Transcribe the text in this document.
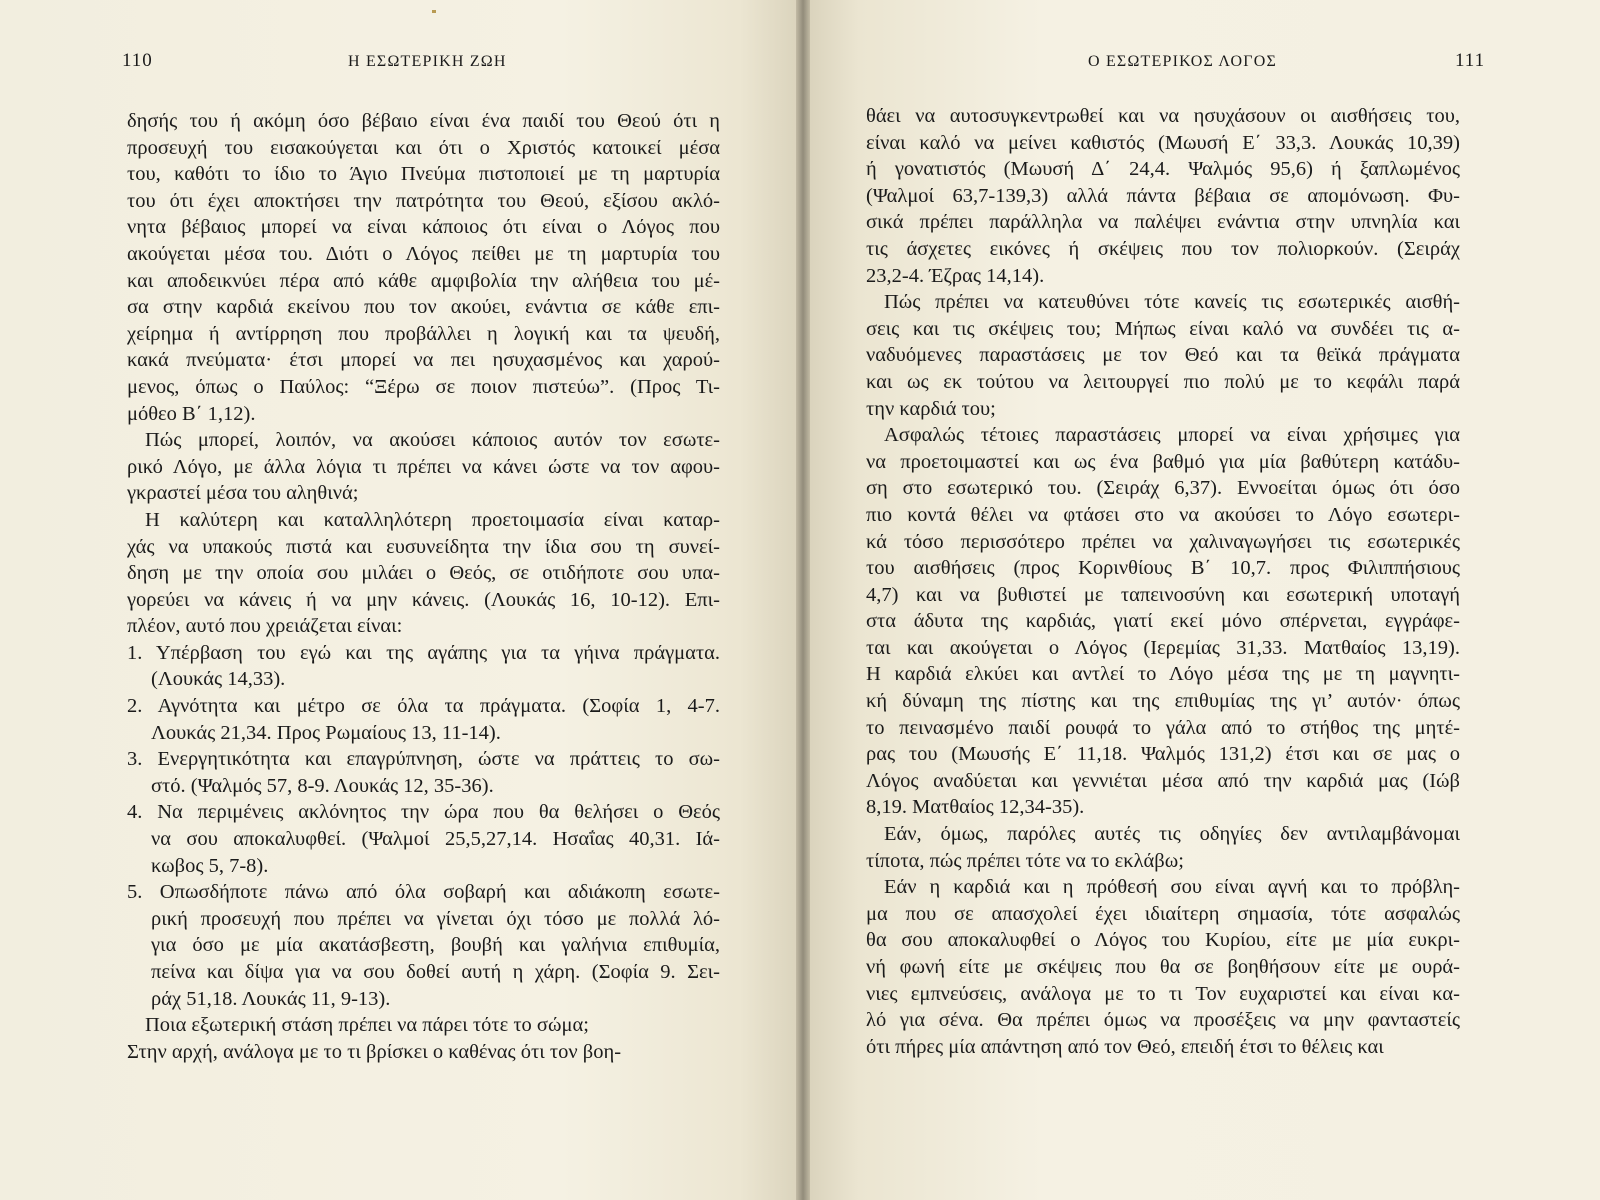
110	Η ΕΣΩΤΕΡΙΚΗ ΖΩΗ
δησής του ή ακόμη όσο βέβαιο είναι ένα παιδί του Θεού ότι η
προσευχή του εισακούγεται και ότι ο Χριστός κατοικεί μέσα
του, καθότι το ίδιο το Άγιο Πνεύμα πιστοποιεί με τη μαρτυρία
του ότι έχει αποκτήσει την πατρότητα του Θεού, εξίσου ακλό-
νητα βέβαιος μπορεί να είναι κάποιος ότι είναι ο Λόγος που
ακούγεται μέσα του. Διότι ο Λόγος πείθει με τη μαρτυρία του
και αποδεικνύει πέρα από κάθε αμφιβολία την αλήθεια του μέ-
σα στην καρδιά εκείνου που τον ακούει, ενάντια σε κάθε επι-
χείρημα ή αντίρρηση που προβάλλει η λογική και τα ψευδή,
κακά πνεύματα· έτσι μπορεί να πει ησυχασμένος και χαρού-
μενος, όπως ο Παύλος: “Ξέρω σε ποιον πιστεύω”. (Προς Τι-
μόθεο Β΄ 1,12).
Πώς μπορεί, λοιπόν, να ακούσει κάποιος αυτόν τον εσωτε-
ρικό Λόγο, με άλλα λόγια τι πρέπει να κάνει ώστε να τον αφου-
γκραστεί μέσα του αληθινά;
Η καλύτερη και καταλληλότερη προετοιμασία είναι καταρ-
χάς να υπακούς πιστά και ευσυνείδητα την ίδια σου τη συνεί-
δηση με την οποία σου μιλάει ο Θεός, σε οτιδήποτε σου υπα-
γορεύει να κάνεις ή να μην κάνεις. (Λουκάς 16, 10-12). Επι-
πλέον, αυτό που χρειάζεται είναι:
1. Υπέρβαση του εγώ και της αγάπης για τα γήινα πράγματα.
(Λουκάς 14,33).
2. Αγνότητα και μέτρο σε όλα τα πράγματα. (Σοφία 1, 4-7.
Λουκάς 21,34. Προς Ρωμαίους 13, 11-14).
3. Ενεργητικότητα και επαγρύπνηση, ώστε να πράττεις το σω-
στό. (Ψαλμός 57, 8-9. Λουκάς 12, 35-36).
4. Να περιμένεις ακλόνητος την ώρα που θα θελήσει ο Θεός
να σου αποκαλυφθεί. (Ψαλμοί 25,5,27,14. Ησαΐας 40,31. Ιά-
κωβος 5, 7-8).
5. Οπωσδήποτε πάνω από όλα σοβαρή και αδιάκοπη εσωτε-
ρική προσευχή που πρέπει να γίνεται όχι τόσο με πολλά λό-
για όσο με μία ακατάσβεστη, βουβή και γαλήνια επιθυμία,
πείνα και δίψα για να σου δοθεί αυτή η χάρη. (Σοφία 9. Σει-
ράχ 51,18. Λουκάς 11, 9-13).
Ποια εξωτερική στάση πρέπει να πάρει τότε το σώμα;
Στην αρχή, ανάλογα με το τι βρίσκει ο καθένας ότι τον βοη-
Ο ΕΣΩΤΕΡΙΚΟΣ ΛΟΓΟΣ	111
θάει να αυτοσυγκεντρωθεί και να ησυχάσουν οι αισθήσεις του,
είναι καλό να μείνει καθιστός (Μωυσή Ε΄ 33,3. Λουκάς 10,39)
ή γονατιστός (Μωυσή Δ΄ 24,4. Ψαλμός 95,6) ή ξαπλωμένος
(Ψαλμοί 63,7-139,3) αλλά πάντα βέβαια σε απομόνωση. Φυ-
σικά πρέπει παράλληλα να παλέψει ενάντια στην υπνηλία και
τις άσχετες εικόνες ή σκέψεις που τον πολιορκούν. (Σειράχ
23,2-4. Έζρας 14,14).
Πώς πρέπει να κατευθύνει τότε κανείς τις εσωτερικές αισθή-
σεις και τις σκέψεις του; Μήπως είναι καλό να συνδέει τις α-
ναδυόμενες παραστάσεις με τον Θεό και τα θεϊκά πράγματα
και ως εκ τούτου να λειτουργεί πιο πολύ με το κεφάλι παρά
την καρδιά του;
Ασφαλώς τέτοιες παραστάσεις μπορεί να είναι χρήσιμες για
να προετοιμαστεί και ως ένα βαθμό για μία βαθύτερη κατάδυ-
ση στο εσωτερικό του. (Σειράχ 6,37). Εννοείται όμως ότι όσο
πιο κοντά θέλει να φτάσει στο να ακούσει το Λόγο εσωτερι-
κά τόσο περισσότερο πρέπει να χαλιναγωγήσει τις εσωτερικές
του αισθήσεις (προς Κορινθίους Β΄ 10,7. προς Φιλιππήσιους
4,7) και να βυθιστεί με ταπεινοσύνη και εσωτερική υποταγή
στα άδυτα της καρδιάς, γιατί εκεί μόνο σπέρνεται, εγγράφε-
ται και ακούγεται ο Λόγος (Ιερεμίας 31,33. Ματθαίος 13,19).
Η καρδιά ελκύει και αντλεί το Λόγο μέσα της με τη μαγνητι-
κή δύναμη της πίστης και της επιθυμίας της γι’ αυτόν· όπως
το πεινασμένο παιδί ρουφά το γάλα από το στήθος της μητέ-
ρας του (Μωυσής Ε΄ 11,18. Ψαλμός 131,2) έτσι και σε μας ο
Λόγος αναδύεται και γεννιέται μέσα από την καρδιά μας (Ιώβ
8,19. Ματθαίος 12,34-35).
Εάν, όμως, παρόλες αυτές τις οδηγίες δεν αντιλαμβάνομαι
τίποτα, πώς πρέπει τότε να το εκλάβω;
Εάν η καρδιά και η πρόθεσή σου είναι αγνή και το πρόβλη-
μα που σε απασχολεί έχει ιδιαίτερη σημασία, τότε ασφαλώς
θα σου αποκαλυφθεί ο Λόγος του Κυρίου, είτε με μία ευκρι-
νή φωνή είτε με σκέψεις που θα σε βοηθήσουν είτε με ουρά-
νιες εμπνεύσεις, ανάλογα με το τι Τον ευχαριστεί και είναι κα-
λό για σένα. Θα πρέπει όμως να προσέξεις να μην φανταστείς
ότι πήρες μία απάντηση από τον Θεό, επειδή έτσι το θέλεις και
